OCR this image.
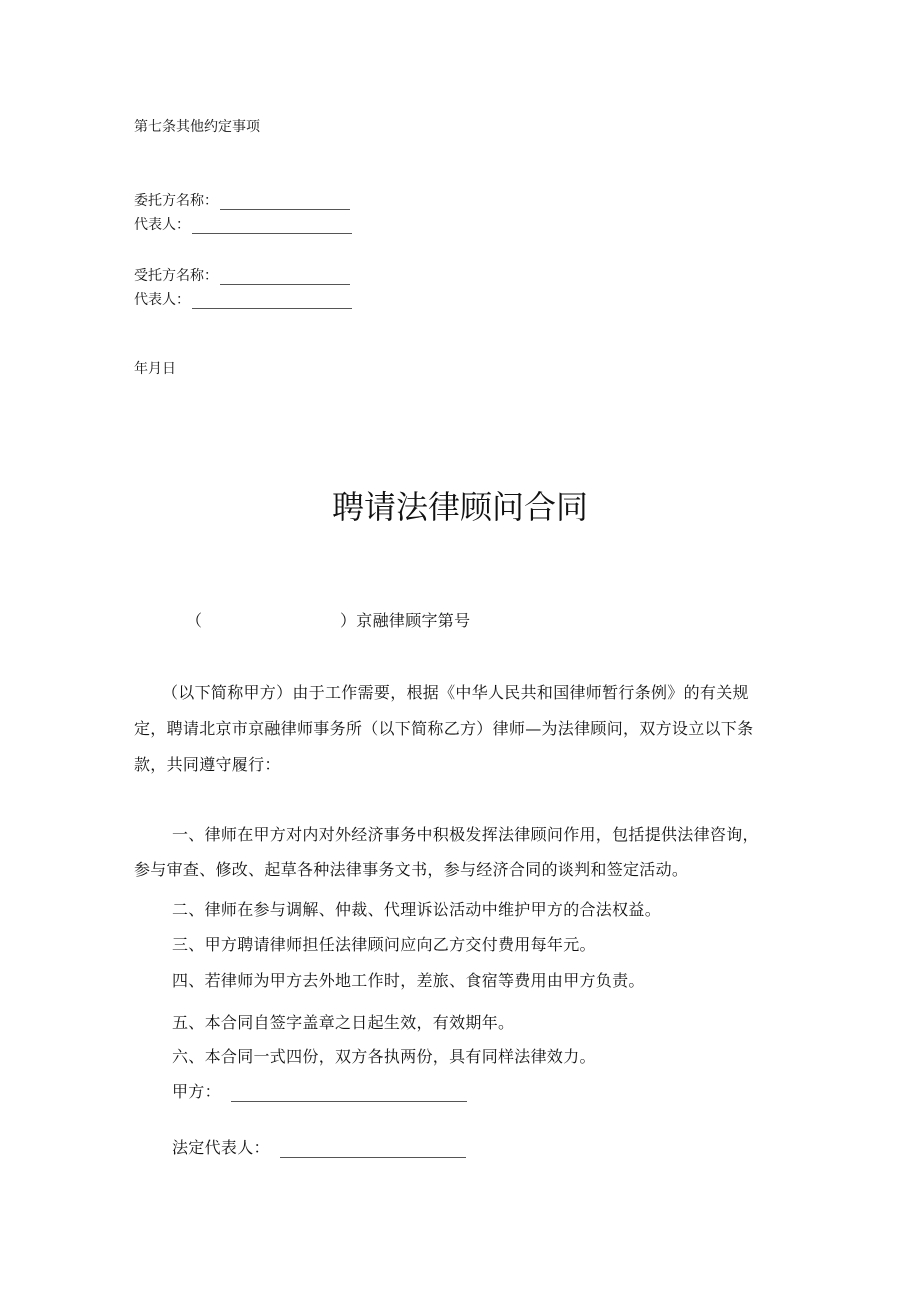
第七条其他约定事项
委托方名称：
代表人：
受托方名称：
代表人：
年月日
聘请法律顾问合同
（	）京融律顾字第号
（以下简称甲方）由于工作需要，根据《中华人民共和国律师暂行条例》的有关规
定，聘请北京市京融律师事务所（以下简称乙方）律师—为法律顾问，双方设立以下条
款，共同遵守履行：
一、律师在甲方对内对外经济事务中积极发挥法律顾问作用，包括提供法律咨询，
参与审查、修改、起草各种法律事务文书，参与经济合同的谈判和签定活动。
二、律师在参与调解、仲裁、代理诉讼活动中维护甲方的合法权益。
三、甲方聘请律师担任法律顾问应向乙方交付费用每年元。
四、若律师为甲方去外地工作时，差旅、食宿等费用由甲方负责。
五、本合同自签字盖章之日起生效，有效期年。
六、本合同一式四份，双方各执两份，具有同样法律效力。
甲方：
法定代表人：
